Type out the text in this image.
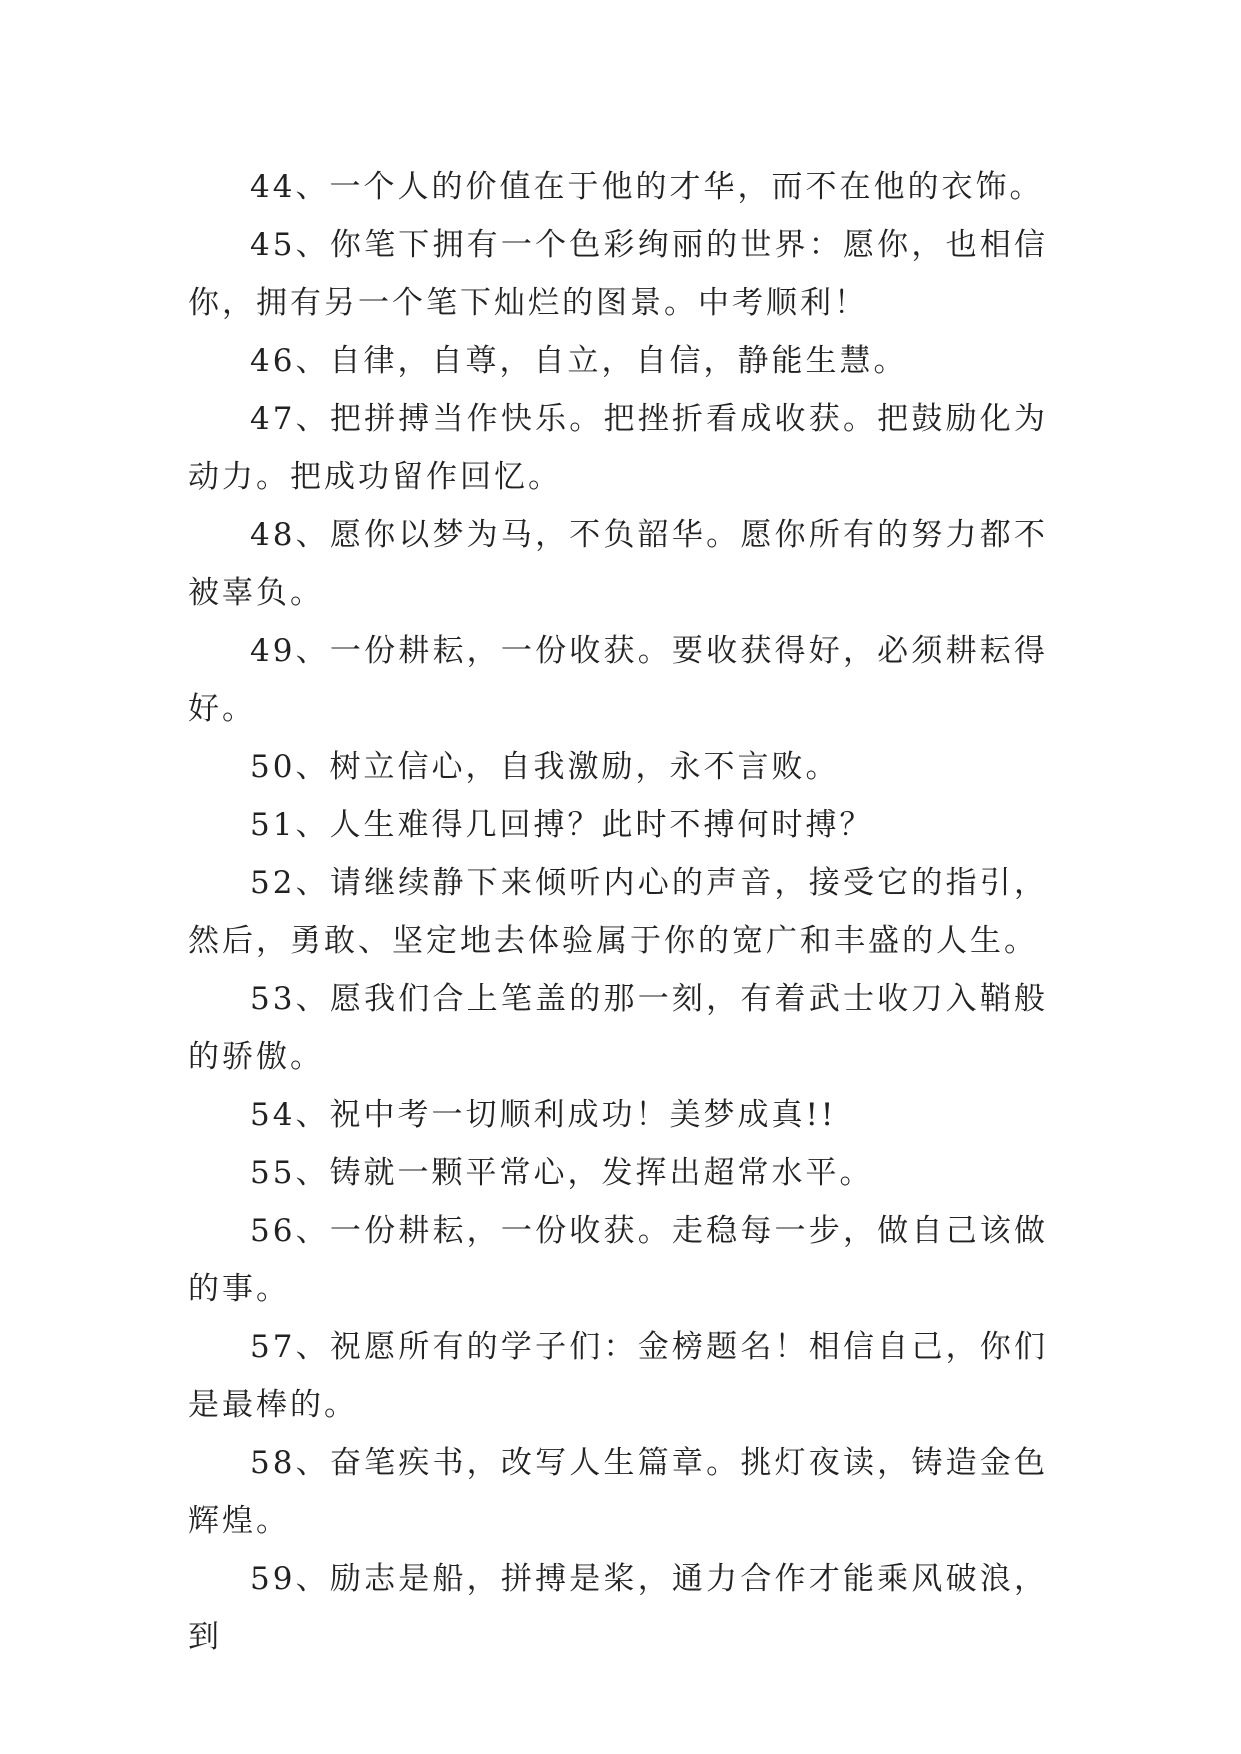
44、一个人的价值在于他的才华，而不在他的衣饰。

45、你笔下拥有一个色彩绚丽的世界：愿你，也相信你，拥有另一个笔下灿烂的图景。中考顺利！

46、自律，自尊，自立，自信，静能生慧。

47、把拼搏当作快乐。把挫折看成收获。把鼓励化为动力。把成功留作回忆。

48、愿你以梦为马，不负韶华。愿你所有的努力都不被辜负。

49、一份耕耘，一份收获。要收获得好，必须耕耘得好。

50、树立信心，自我激励，永不言败。

51、人生难得几回搏？此时不搏何时搏？

52、请继续静下来倾听内心的声音，接受它的指引，然后，勇敢、坚定地去体验属于你的宽广和丰盛的人生。

53、愿我们合上笔盖的那一刻，有着武士收刀入鞘般的骄傲。

54、祝中考一切顺利成功！美梦成真!!

55、铸就一颗平常心，发挥出超常水平。

56、一份耕耘，一份收获。走稳每一步，做自己该做的事。

57、祝愿所有的学子们：金榜题名！相信自己，你们是最棒的。

58、奋笔疾书，改写人生篇章。挑灯夜读，铸造金色辉煌。

59、励志是船，拼搏是桨，通力合作才能乘风破浪，到
